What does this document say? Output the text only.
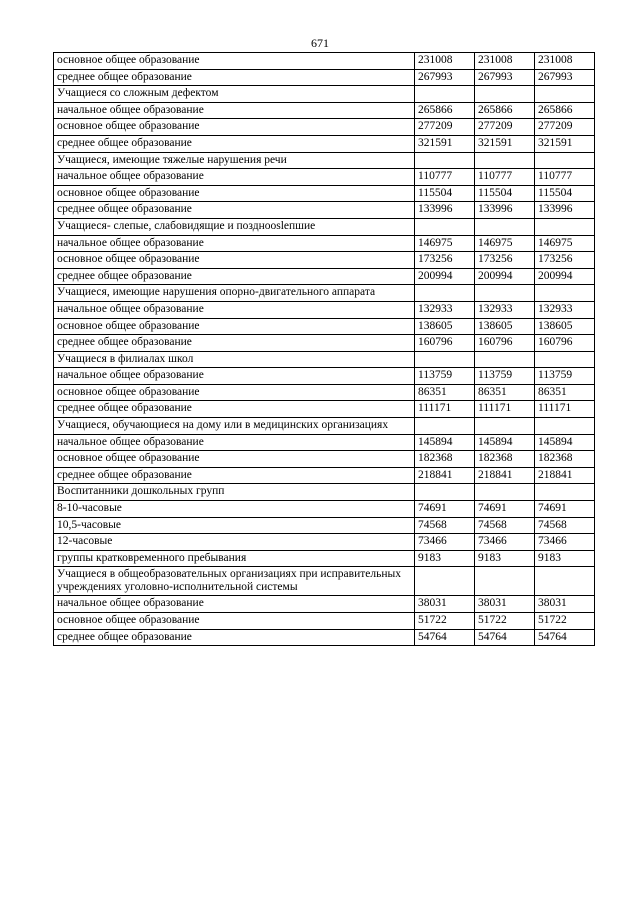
671
основное общее образование	231008	231008	231008
среднее общее образование	267993	267993	267993
Учащиеся со сложным дефектом			
начальное общее образование	265866	265866	265866
основное общее образование	277209	277209	277209
среднее общее образование	321591	321591	321591
Учащиеся, имеющие тяжелые нарушения речи			
начальное общее образование	110777	110777	110777
основное общее образование	115504	115504	115504
среднее общее образование	133996	133996	133996
Учащиеся- слепые, слабовидящие и позднооslепшие			
начальное общее образование	146975	146975	146975
основное общее образование	173256	173256	173256
среднее общее образование	200994	200994	200994
Учащиеся, имеющие нарушения опорно-двигательного аппарата			
начальное общее образование	132933	132933	132933
основное общее образование	138605	138605	138605
среднее общее образование	160796	160796	160796
Учащиеся в филиалах школ			
начальное общее образование	113759	113759	113759
основное общее образование	86351	86351	86351
среднее общее образование	111171	111171	111171
Учащиеся, обучающиеся на дому или в медицинских организациях			
начальное общее образование	145894	145894	145894
основное общее образование	182368	182368	182368
среднее общее образование	218841	218841	218841
Воспитанники дошкольных групп			
8-10-часовые	74691	74691	74691
10,5-часовые	74568	74568	74568
12-часовые	73466	73466	73466
группы кратковременного пребывания	9183	9183	9183
Учащиеся в общеобразовательных организациях при исправительных учреждениях уголовно-исполнительной системы			
начальное общее образование	38031	38031	38031
основное общее образование	51722	51722	51722
среднее общее образование	54764	54764	54764
